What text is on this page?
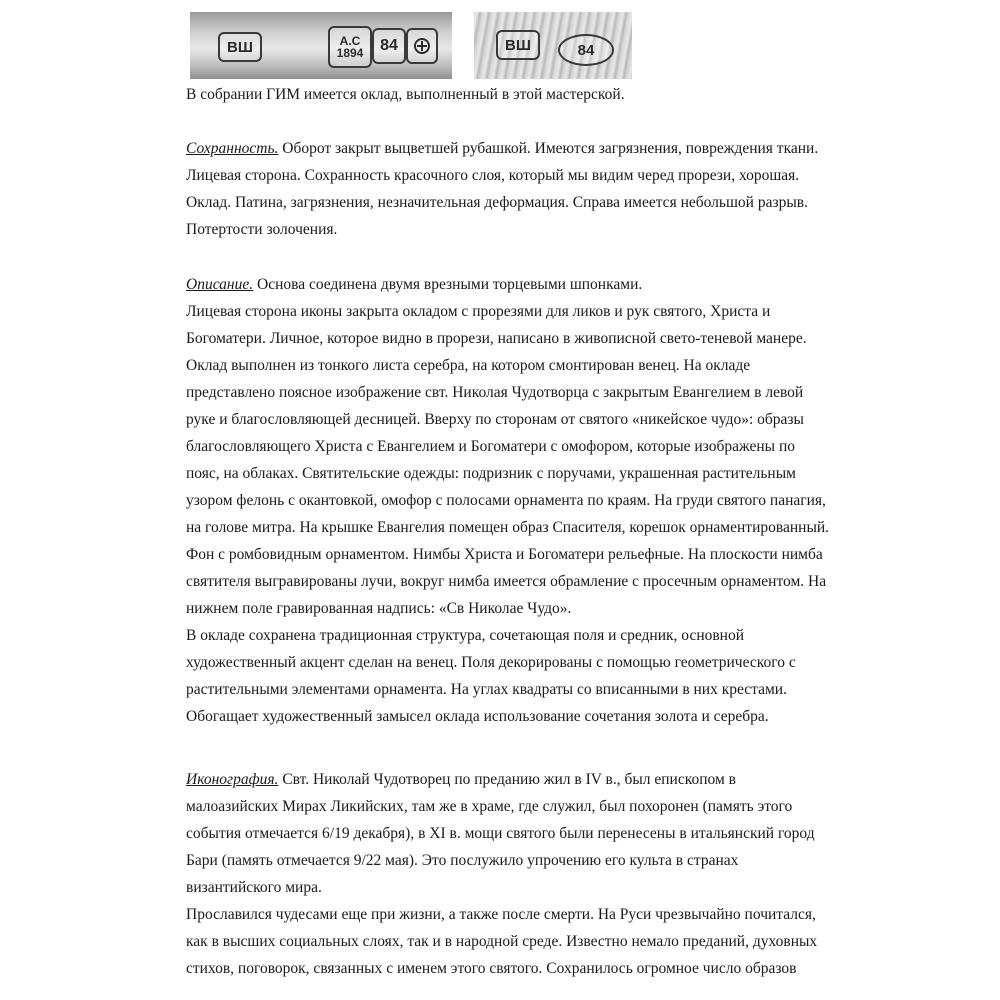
ВШ	А.С
1894	84	ВШ	84
В собрании ГИМ имеется оклад, выполненный в этой мастерской.
Сохранность. Оборот закрыт выцветшей рубашкой. Имеются загрязнения, повреждения ткани.
Лицевая сторона. Сохранность красочного слоя, который мы видим черед прорези, хорошая.
Оклад. Патина, загрязнения, незначительная деформация. Справа имеется небольшой разрыв.
Потертости золочения.
Описание. Основа соединена двумя врезными торцевыми шпонками.
Лицевая сторона иконы закрыта окладом с прорезями для ликов и рук святого, Христа и
Богоматери. Личное, которое видно в прорези, написано в живописной свето-теневой манере.
Оклад выполнен из тонкого листа серебра, на котором смонтирован венец. На окладе
представлено поясное изображение свт. Николая Чудотворца с закрытым Евангелием в левой
руке и благословляющей десницей. Вверху по сторонам от святого «никейское чудо»: образы
благословляющего Христа с Евангелием и Богоматери с омофором, которые изображены по
пояс, на облаках. Святительские одежды: подризник с поручами, украшенная растительным
узором фелонь с окантовкой, омофор с полосами орнамента по краям. На груди святого панагия,
на голове митра. На крышке Евангелия помещен образ Спасителя, корешок орнаментированный.
Фон с ромбовидным орнаментом. Нимбы Христа и Богоматери рельефные. На плоскости нимба
святителя выгравированы лучи, вокруг нимба имеется обрамление с просечным орнаментом. На
нижнем поле гравированная надпись: «Св Николае Чудо».
В окладе сохранена традиционная структура, сочетающая поля и средник, основной
художественный акцент сделан на венец. Поля декорированы с помощью геометрического с
растительными элементами орнамента. На углах квадраты со вписанными в них крестами.
Обогащает художественный замысел оклада использование сочетания золота и серебра.
Иконография. Свт. Николай Чудотворец по преданию жил в IV в., был епископом в
малоазийских Мирах Ликийских, там же в храме, где служил, был похоронен (память этого
события отмечается 6/19 декабря), в XI в. мощи святого были перенесены в итальянский город
Бари (память отмечается 9/22 мая). Это послужило упрочению его культа в странах
византийского мира.
Прославился чудесами еще при жизни, а также после смерти. На Руси чрезвычайно почитался,
как в высших социальных слоях, так и в народной среде. Известно немало преданий, духовных
стихов, поговорок, связанных с именем этого святого. Сохранилось огромное число образов
